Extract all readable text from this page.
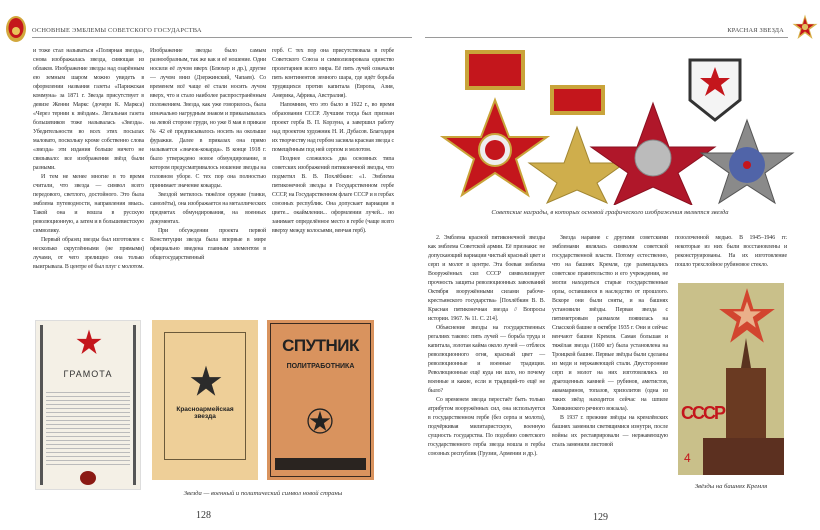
ОСНОВНЫЕ ЭМБЛЕМЫ СОВЕТСКОГО ГОСУДАРСТВА	КРАСНАЯ ЗВЕЗДА

и тоже стал называться «Полярная звезда», снова изображалась звезда, сияющая из облаков. Изображение звезды над озарённым ею земным шаром можно увидеть в оформлении названия газеты «Парижская коммуна» за 1871 г. Звезда присутствует в девизе Женни Маркс (дочери К. Маркса) «Через тернии к звёздам». Легальная газета большевиков тоже называлась «Звезда». Убедительности во всех этих посылах маловато, поскольку кроме собственно слова «звезда» эти издания больше ничего не связывало: все изображения звёзд были разными.

И тем не менее многие в то время считали, что звезда — символ всего передового, светлого, достойного. Это была эмблема путеводности, направления ввысь. Такой она и вошла в русскую революционную, а затем и в большевистскую символику.

Первый образец звезды был изготовлен с несколько скруглёнными (не прямыми) лучами, от чего зрелищно она только выигрывала. В центре её был плуг с молотом.

Изображение звезды было самым разнообразным, так же как и её ношение. Одни носили её лучом вверх (Блюхер и др.), другие — лучом вниз (Дзержинский, Чапаев). Со временем всё чаще её стали носить лучом вверх, что и стало наиболее распространённым положением. Звезда, как уже говорилось, была изначально нагрудным знаком и прикалывалась на левой стороне груди, но уже 8 мая в приказе № 42 её предписывалось носить на околыше фуражки. Далее в приказах она прямо называется «значок-кокарда». В конце 1918 г. было утверждено новое обмундирование, в котором предусматривалось ношение звезды на головном уборе. С тех пор она полностью принимает значение кокарды.

Звездой метилось тяжёлое оружие (танки, самолёты), она изображается на металлических предметах обмундирования, на военных документах.

При обсуждении проекта первой Конституции звезда была впервые в мире официально введена главным элементом в общегосударственный

герб. С тех пор она присутствовала в гербе Советского Союза и символизировала единство пролетариев всего мира. Её пять лучей означали пять континентов земного шара, где идёт борьба трудящихся против капитала (Европа, Азия, Америка, Африка, Австралия).

Напомним, что это было в 1922 г., во время образования СССР. Лучшим тогда был признан проект герба В. П. Корзуна, а завершил работу над проектом художник Н. И. Дубасов. Благодаря их творчеству над гербом засияла красная звезда с помещённым под ней серпом и молотом.

Позднее сложилось два основных типа советских изображений пятиконечной звезды, что подметил В. В. Похлёбкин: «1. Эмблема пятиконечной звезды в Государственном гербе СССР, на Государственном флаге СССР и в гербах союзных республик. Она допускает вариации в цвете... окаймлении... оформлении лучей... но занимает определённое место в гербе (чаще всего вверху между колосьями, венчая герб).

ГРАМОТА
Красноармейская звезда
СПУТНИК
ПОЛИТРАБОТНИКА
Звезда — военный и политический символ новой страны
128
Советские награды, в которых основой графического изображения является звезда

2. Эмблема красной пятиконечной звезды как эмблема Советской армии. Её признаки: не допускающий вариации чистый красный цвет и серп и молот в центре. Эта боевая эмблема Вооружённых сил СССР символизирует прочность защиты революционных завоеваний Октября вооружёнными силами рабоче-крестьянского государства» [Похлёбкин В. В. Красная пятиконечная звезда // Вопросы истории. 1967. № 11. С. 214].

Объяснение звезды на государственных регалиях таково: пять лучей — борьба труда и капитала, золотая кайма около лучей — отблеск революционного огня, красный цвет — революционные и военные традиции. Революционные ещё куда ни шло, но почему военные и какие, если и традиций-то ещё не было?

Со временем звезда перестаёт быть только атрибутом вооружённых сил, она используется в государственном гербе (без серпа и молота), подчёркивая милитаристскую, военную сущность государства. По подобию советского государственного герба звезда вошла в гербы союзных республик (Грузии, Армении и др.).

Звезда наравне с другими советскими эмблемами являлась символом советской государственной власти. Потому естественно, что на башнях Кремля, где размещались советское правительство и его учреждения, не могли находиться старые государственные орлы, оставшиеся в наследство от прошлого. Вскоре они были сняты, и на башнях установили звёзды. Первая звезда с пятиметровым размахом появилась на Спасской башне в октябре 1935 г. Они и сейчас венчают башни Кремля. Самая большая и тяжёлая звезда (1600 кг) была установлена на Троицкой башне. Первые звёзды были сделаны из меди и нержавеющей стали. Двусторонние серп и молот на них изготовлялись из драгоценных камней — рубинов, аметистов, аквамаринов, топазов, хризолитов (одна из таких звёзд находится сейчас на шпиле Химкинского речного вокзала).

В 1937 г. прежние звёзды на кремлёвских башнях заменили светящимися изнутри, после войны их реставрировали — нержавеющую сталь заменили листовой

позолоченной медью. В 1945–1946 гг. некоторые из них были восстановлены и реконструированы. На их изготовление пошло трехслойное рубиновое стекло.

СССР
4
Звёзды на башнях Кремля
129
